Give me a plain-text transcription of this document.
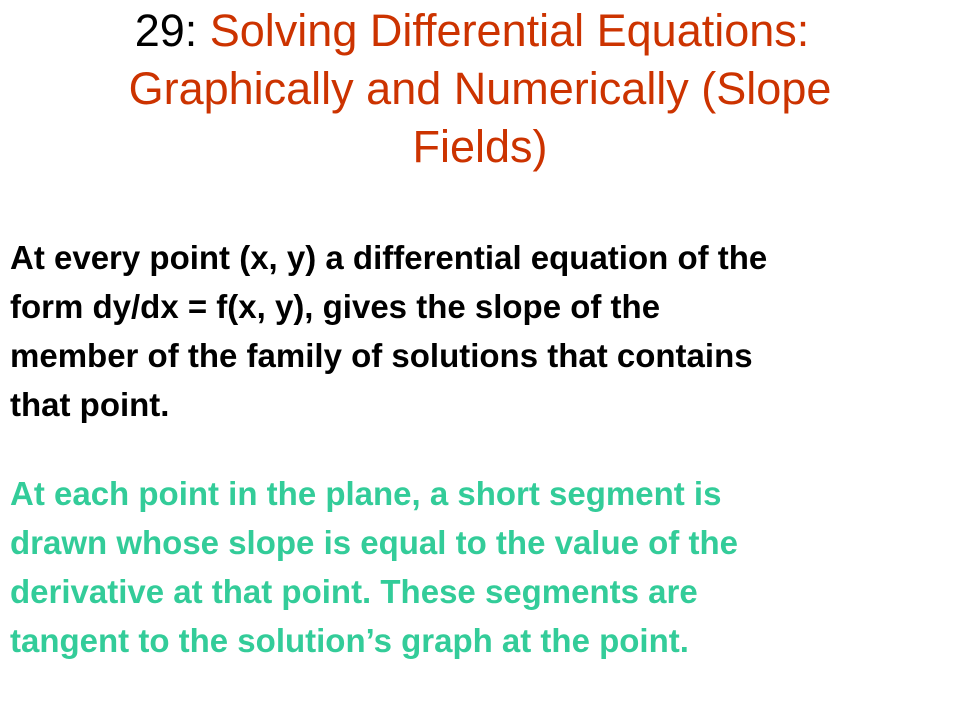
29: Solving Differential Equations:
Graphically and Numerically (Slope
Fields)

At every point (x, y) a differential equation of the
form dy/dx = f(x, y), gives the slope of the
member of the family of solutions that contains
that point.

At each point in the plane, a short segment is
drawn whose slope is equal to the value of the
derivative at that point. These segments are
tangent to the solution’s graph at the point.
